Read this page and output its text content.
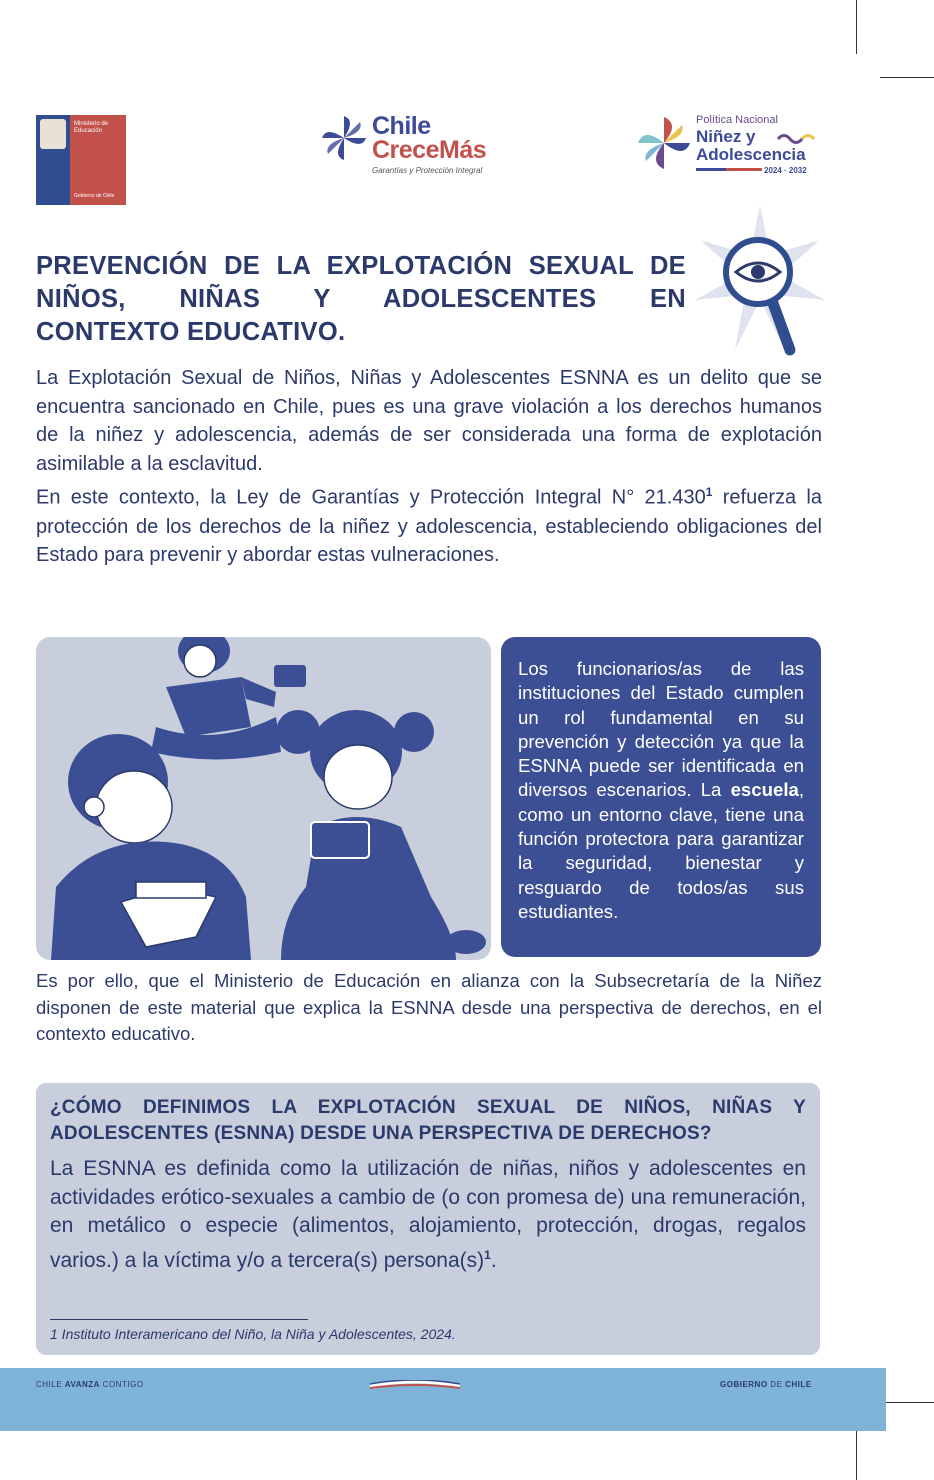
Ministerio de
Educación
Gobierno de Chile
Chile
CreceMás
Garantías y Protección Integral
Política Nacional
Niñez y
Adolescencia
2024 · 2032
PREVENCIÓN DE LA EXPLOTACIÓN SEXUAL DE
NIÑOS, NIÑAS Y ADOLESCENTES EN
CONTEXTO EDUCATIVO.

La Explotación Sexual de Niños, Niñas y Adolescentes ESNNA es un delito que se encuentra sancionado en Chile, pues es una grave violación a los derechos humanos de la niñez y adolescencia, además de ser considerada una forma de explotación asimilable a la esclavitud.

En este contexto, la Ley de Garantías y Protección Integral N° 21.430$^1$ refuerza la protección de los derechos de la niñez y adolescencia, estableciendo obligaciones del Estado para prevenir y abordar estas vulneraciones.

Los funcionarios/as de las instituciones del Estado cumplen un rol fundamental en su prevención y detección ya que la ESNNA puede ser identificada en diversos escenarios. La escuela, como un entorno clave, tiene una función protectora para garantizar la seguridad, bienestar y resguardo de todos/as sus estudiantes.

Es por ello, que el Ministerio de Educación en alianza con la Subsecretaría de la Niñez disponen de este material que explica la ESNNA desde una perspectiva de derechos, en el contexto educativo.
¿CÓMO DEFINIMOS LA EXPLOTACIÓN SEXUAL DE NIÑOS, NIÑAS Y ADOLESCENTES (ESNNA) DESDE UNA PERSPECTIVA DE DERECHOS?

La ESNNA es definida como la utilización de niñas, niños y adolescentes en actividades erótico-sexuales a cambio de (o con promesa de) una remuneración, en metálico o especie (alimentos, alojamiento, protección, drogas, regalos varios.) a la víctima y/o a tercera(s) $persona(s)^1$.

1 Instituto Interamericano del Niño, la Niña y Adolescentes, 2024.
CHILE AVANZA CONTIGO	GOBIERNO DE CHILE
